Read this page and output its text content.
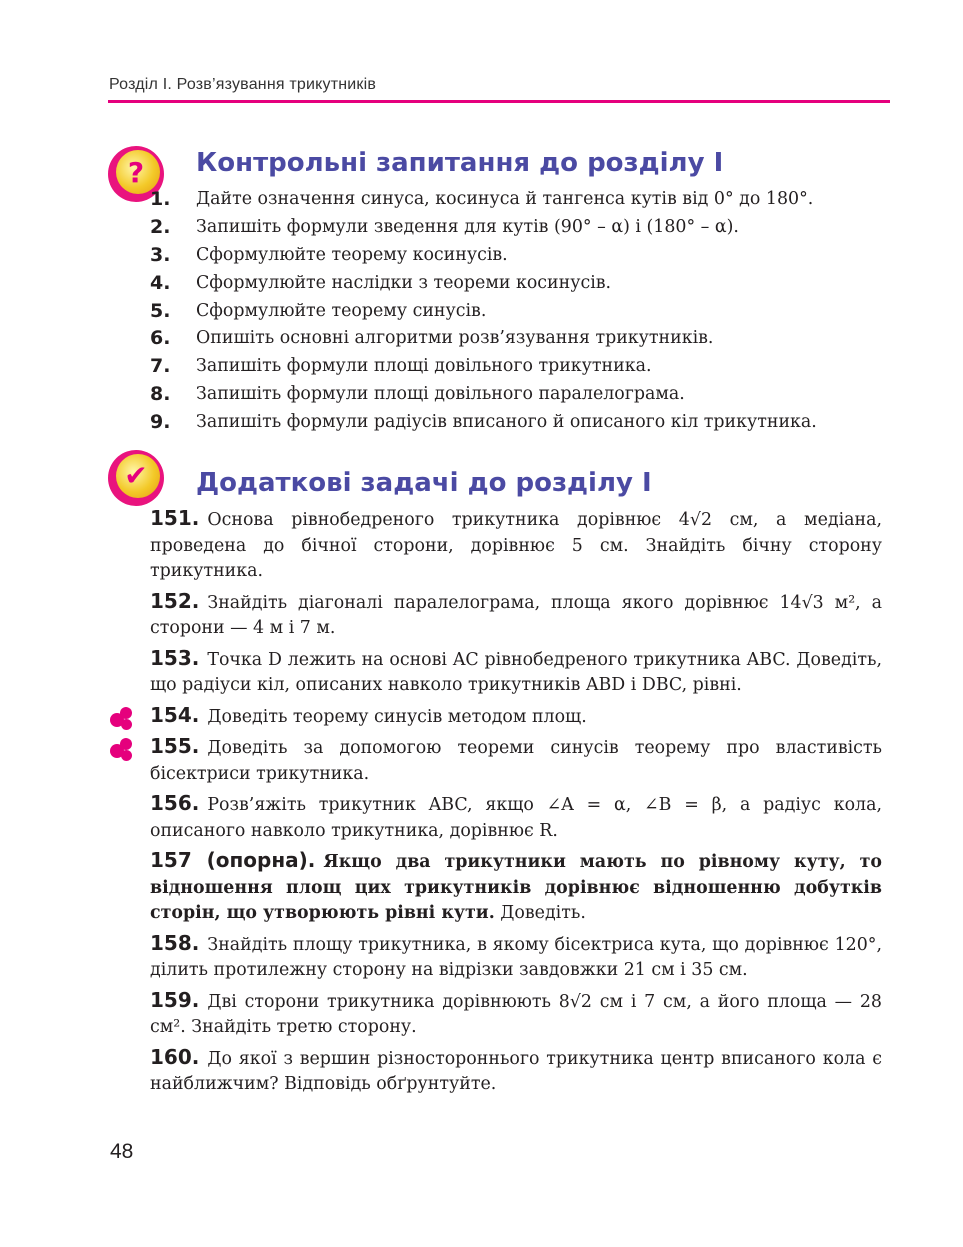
Розділ І. Розв’язування трикутників
?	Контрольні запитання до розділу І
1. Дайте означення синуса, косинуса й тангенса кутів від 0° до 180°.
2. Запишіть формули зведення для кутів (90° – α) і (180° – α).
3. Сформулюйте теорему косинусів.
4. Сформулюйте наслідки з теореми косинусів.
5. Сформулюйте теорему синусів.
6. Опишіть основні алгоритми розв’язування трикутників.
7. Запишіть формули площі довільного трикутника.
8. Запишіть формули площі довільного паралелограма.
9. Запишіть формули радіусів вписаного й описаного кіл трикутника.
✔	Додаткові задачі до розділу І
151. Основа рівнобедреного трикутника дорівнює 4√2 см, а медіана, проведена до бічної сторони, дорівнює 5 см. Знайдіть бічну сторону трикутника.
152. Знайдіть діагоналі паралелограма, площа якого дорівнює 14√3 м², а сторони — 4 м і 7 м.
153. Точка D лежить на основі AC рівнобедреного трикутника ABC. Доведіть, що радіуси кіл, описаних навколо трикутників ABD і DBC, рівні.
154. Доведіть теорему синусів методом площ.
155. Доведіть за допомогою теореми синусів теорему про властивість бісектриси трикутника.
156. Розв’яжіть трикутник ABC, якщо ∠A = α, ∠B = β, а радіус кола, описаного навколо трикутника, дорівнює R.
157 (опорна). Якщо два трикутники мають по рівному куту, то відношення площ цих трикутників дорівнює відношенню добутків сторін, що утворюють рівні кути. Доведіть.
158. Знайдіть площу трикутника, в якому бісектриса кута, що дорівнює 120°, ділить протилежну сторону на відрізки завдовжки 21 см і 35 см.
159. Дві сторони трикутника дорівнюють 8√2 см і 7 см, а його площа — 28 см². Знайдіть третю сторону.
160. До якої з вершин різностороннього трикутника центр вписаного кола є найближчим? Відповідь обґрунтуйте.
48
